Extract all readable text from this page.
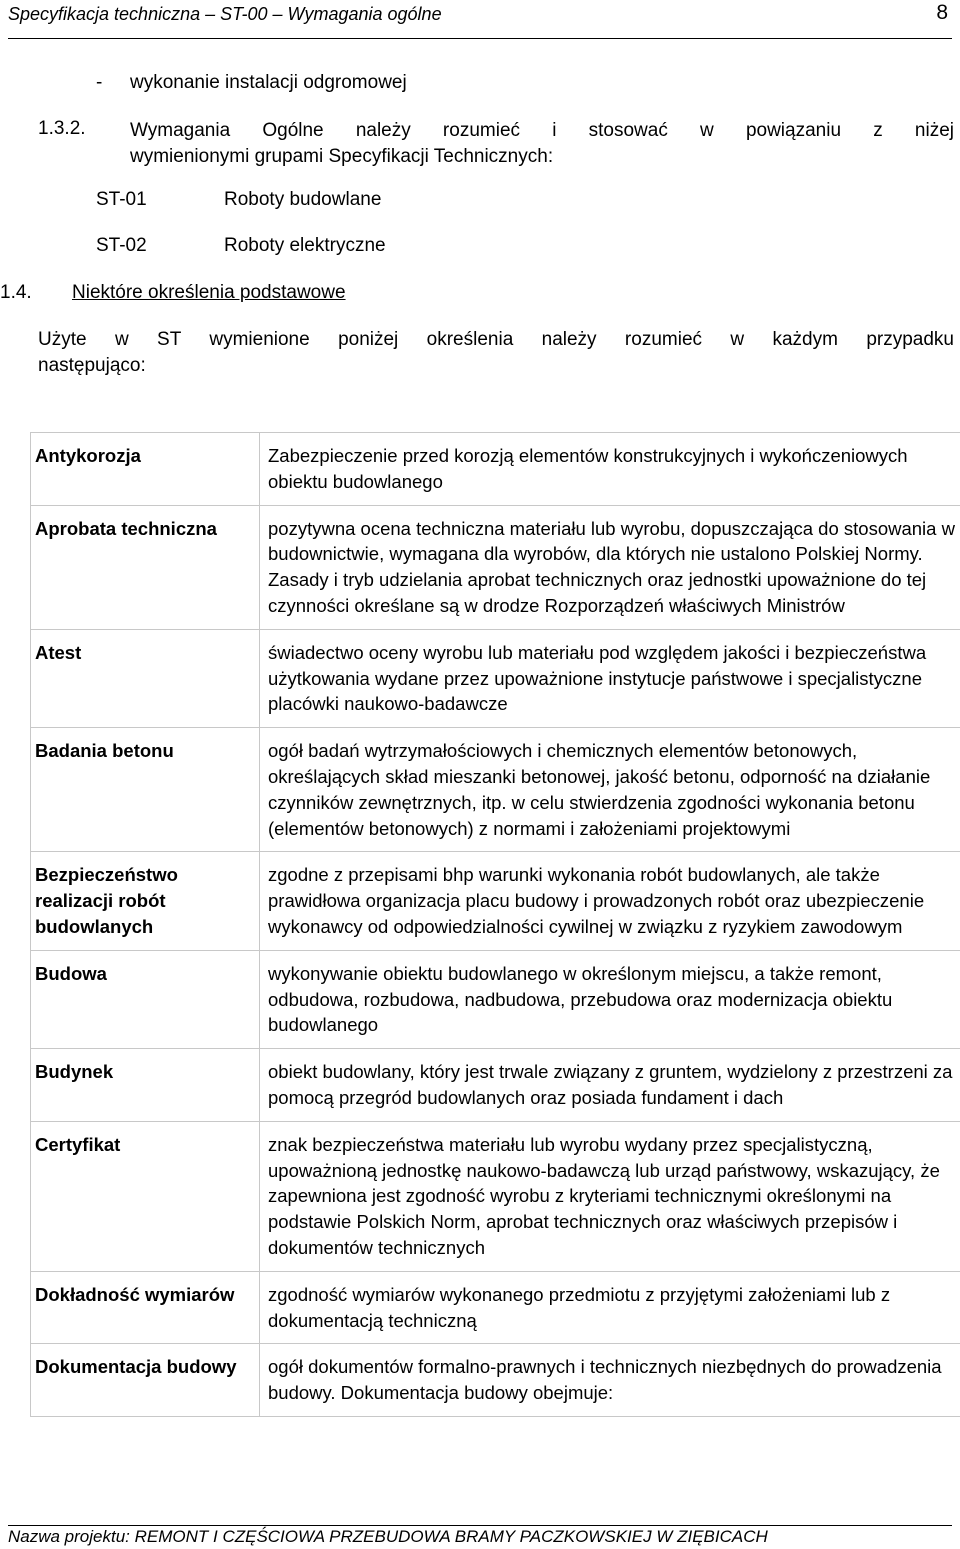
Specyfikacja techniczna – ST-00 – Wymagania ogólne	8
- wykonanie instalacji odgromowej
1.3.2. Wymagania Ogólne należy rozumieć i stosować w powiązaniu z niżej
wymienionymi grupami Specyfikacji Technicznych:
ST-01	Roboty budowlane
ST-02	Roboty elektryczne
1.4. Niektóre określenia podstawowe
Użyte w ST wymienione poniżej określenia należy rozumieć w każdym przypadku
następująco:
Antykorozja	Zabezpieczenie przed korozją elementów konstrukcyjnych i wykończeniowych obiektu budowlanego
Aprobata techniczna	pozytywna ocena techniczna materiału lub wyrobu, dopuszczająca do stosowania w budownictwie, wymagana dla wyrobów, dla których nie ustalono Polskiej Normy. Zasady i tryb udzielania aprobat technicznych oraz jednostki upoważnione do tej czynności określane są w drodze Rozporządzeń właściwych Ministrów
Atest	świadectwo oceny wyrobu lub materiału pod względem jakości i bezpieczeństwa użytkowania wydane przez upoważnione instytucje państwowe i specjalistyczne placówki naukowo-badawcze
Badania betonu	ogół badań wytrzymałościowych i chemicznych elementów betonowych, określających skład mieszanki betonowej, jakość betonu, odporność na działanie czynników zewnętrznych, itp. w celu stwierdzenia zgodności wykonania betonu (elementów betonowych) z normami i założeniami projektowymi
Bezpieczeństwo realizacji robót budowlanych	zgodne z przepisami bhp warunki wykonania robót budowlanych, ale także prawidłowa organizacja placu budowy i prowadzonych robót oraz ubezpieczenie wykonawcy od odpowiedzialności cywilnej w związku z ryzykiem zawodowym
Budowa	wykonywanie obiektu budowlanego w określonym miejscu, a także remont, odbudowa, rozbudowa, nadbudowa, przebudowa oraz modernizacja obiektu budowlanego
Budynek	obiekt budowlany, który jest trwale związany z gruntem, wydzielony z przestrzeni za pomocą przegród budowlanych oraz posiada fundament i dach
Certyfikat	znak bezpieczeństwa materiału lub wyrobu wydany przez specjalistyczną, upoważnioną jednostkę naukowo-badawczą lub urząd państwowy, wskazujący, że zapewniona jest zgodność wyrobu z kryteriami technicznymi określonymi na podstawie Polskich Norm, aprobat technicznych oraz właściwych przepisów i dokumentów technicznych
Dokładność wymiarów	zgodność wymiarów wykonanego przedmiotu z przyjętymi założeniami lub z dokumentacją techniczną
Dokumentacja budowy	ogół dokumentów formalno-prawnych i technicznych niezbędnych do prowadzenia budowy. Dokumentacja budowy obejmuje:
Nazwa projektu: REMONT I CZĘŚCIOWA PRZEBUDOWA BRAMY PACZKOWSKIEJ W ZIĘBICACH
